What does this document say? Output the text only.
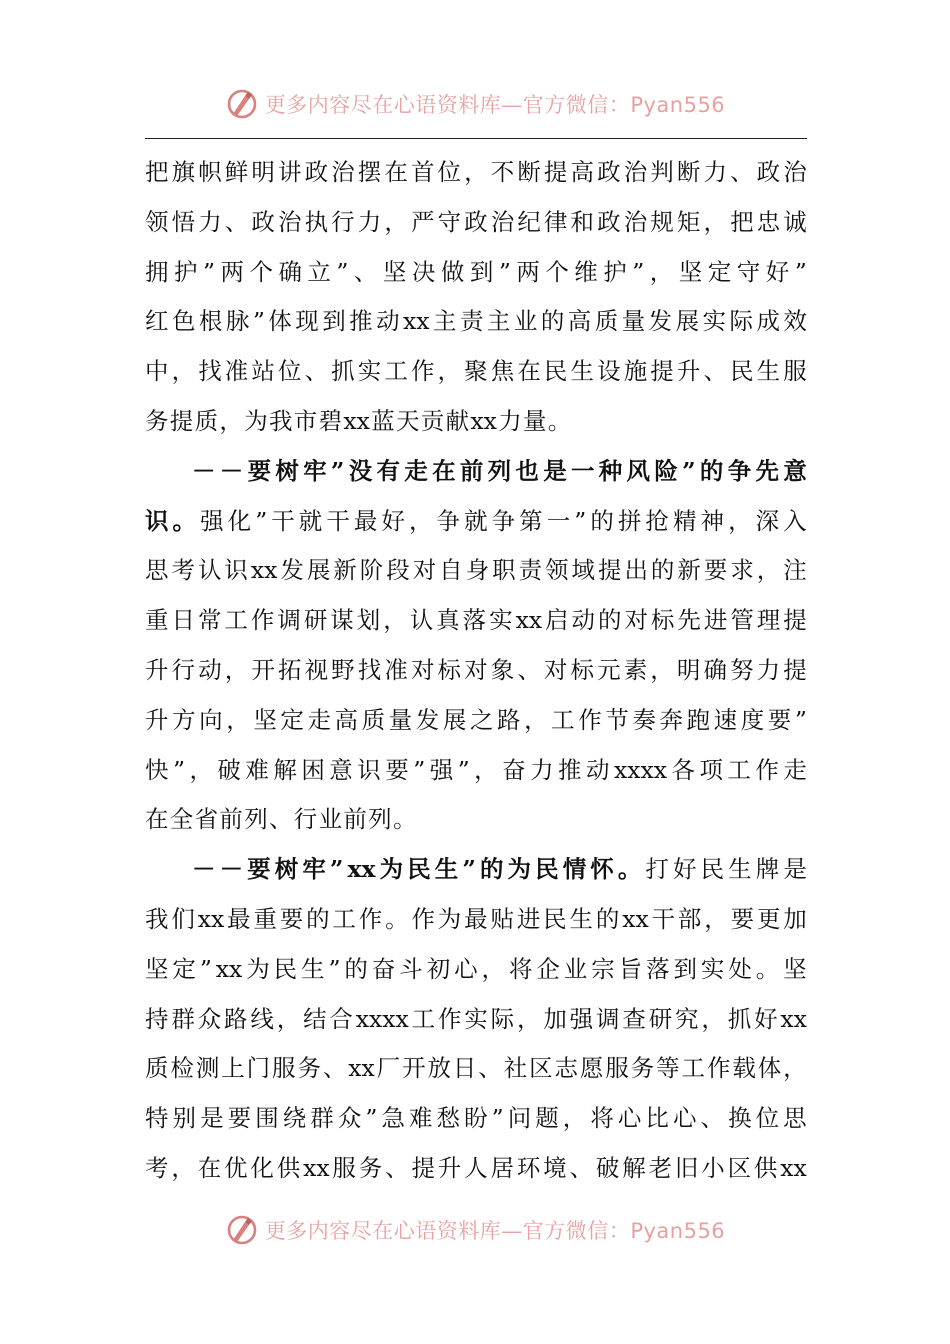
更多内容尽在心语资料库—官方微信：Pyan556
把 旗 帜 鲜 明 讲 政 治 摆 在 首 位 ， 不 断 提 高 政 治 判 断 力 、 政 治
领 悟 力 、 政 治 执 行 力 ， 严 守 政 治 纪 律 和 政 治 规 矩 ， 把 忠 诚
拥 护 ” 两 个 确 立 ” 、 坚 决 做 到 ” 两 个 维 护 ” ， 坚 定 守 好 ”
红 色 根 脉 ” 体 现 到 推 动 xx 主 责 主 业 的 高 质 量 发 展 实 际 成 效
中 ， 找 准 站 位 、 抓 实 工 作 ， 聚 焦 在 民 生 设 施 提 升 、 民 生 服
务 提 质 ， 为 我 市 碧 xx 蓝 天 贡 献 xx 力 量 。
－ － 要 树 牢 ” 没 有 走 在 前 列 也 是 一 种 风 险 ” 的 争 先 意
识 。 强 化 ” 干 就 干 最 好 ， 争 就 争 第 一 ” 的 拼 抢 精 神 ， 深 入
思 考 认 识 xx 发 展 新 阶 段 对 自 身 职 责 领 域 提 出 的 新 要 求 ， 注
重 日 常 工 作 调 研 谋 划 ， 认 真 落 实 xx 启 动 的 对 标 先 进 管 理 提
升 行 动 ， 开 拓 视 野 找 准 对 标 对 象 、 对 标 元 素 ， 明 确 努 力 提
升 方 向 ， 坚 定 走 高 质 量 发 展 之 路 ， 工 作 节 奏 奔 跑 速 度 要 ”
快 ” ， 破 难 解 困 意 识 要 ” 强 ” ， 奋 力 推 动 xxxx 各 项 工 作 走
在 全 省 前 列 、 行 业 前 列 。
－ － 要 树 牢 ” xx 为 民 生 ” 的 为 民 情 怀 。 打 好 民 生 牌 是
我 们 xx 最 重 要 的 工 作 。 作 为 最 贴 进 民 生 的 xx 干 部 ， 要 更 加
坚 定 ” xx 为 民 生 ” 的 奋 斗 初 心 ， 将 企 业 宗 旨 落 到 实 处 。 坚
持 群 众 路 线 ， 结 合 xxxx 工 作 实 际 ， 加 强 调 查 研 究 ， 抓 好 xx
质 检 测 上 门 服 务 、 xx 厂 开 放 日 、 社 区 志 愿 服 务 等 工 作 载 体 ，
特 别 是 要 围 绕 群 众 ” 急 难 愁 盼 ” 问 题 ， 将 心 比 心 、 换 位 思
考 ， 在 优 化 供 xx 服 务 、 提 升 人 居 环 境 、 破 解 老 旧 小 区 供 xx
更多内容尽在心语资料库—官方微信：Pyan556
